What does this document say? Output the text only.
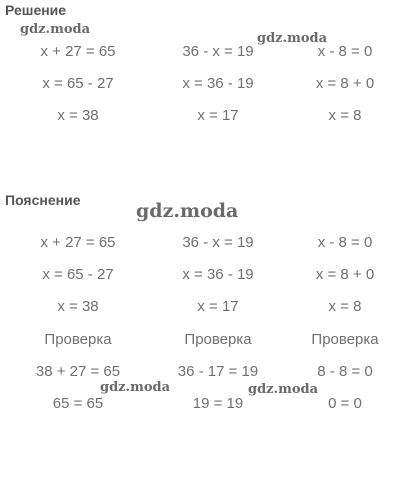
Решение
gdz.moda
gdz.moda
x + 27 = 65	36 - x = 19	x - 8 = 0
x = 65 - 27	x = 36 - 19	x = 8 + 0
x = 38	x = 17	x = 8
Пояснение	gdz.moda
x + 27 = 65	36 - x = 19	x - 8 = 0
x = 65 - 27	x = 36 - 19	x = 8 + 0
x = 38	x = 17	x = 8
Проверка	Проверка	Проверка
38 + 27 = 65	36 - 17 = 19	8 - 8 = 0
65 = 65	19 = 19	0 = 0
gdz.moda	gdz.moda
